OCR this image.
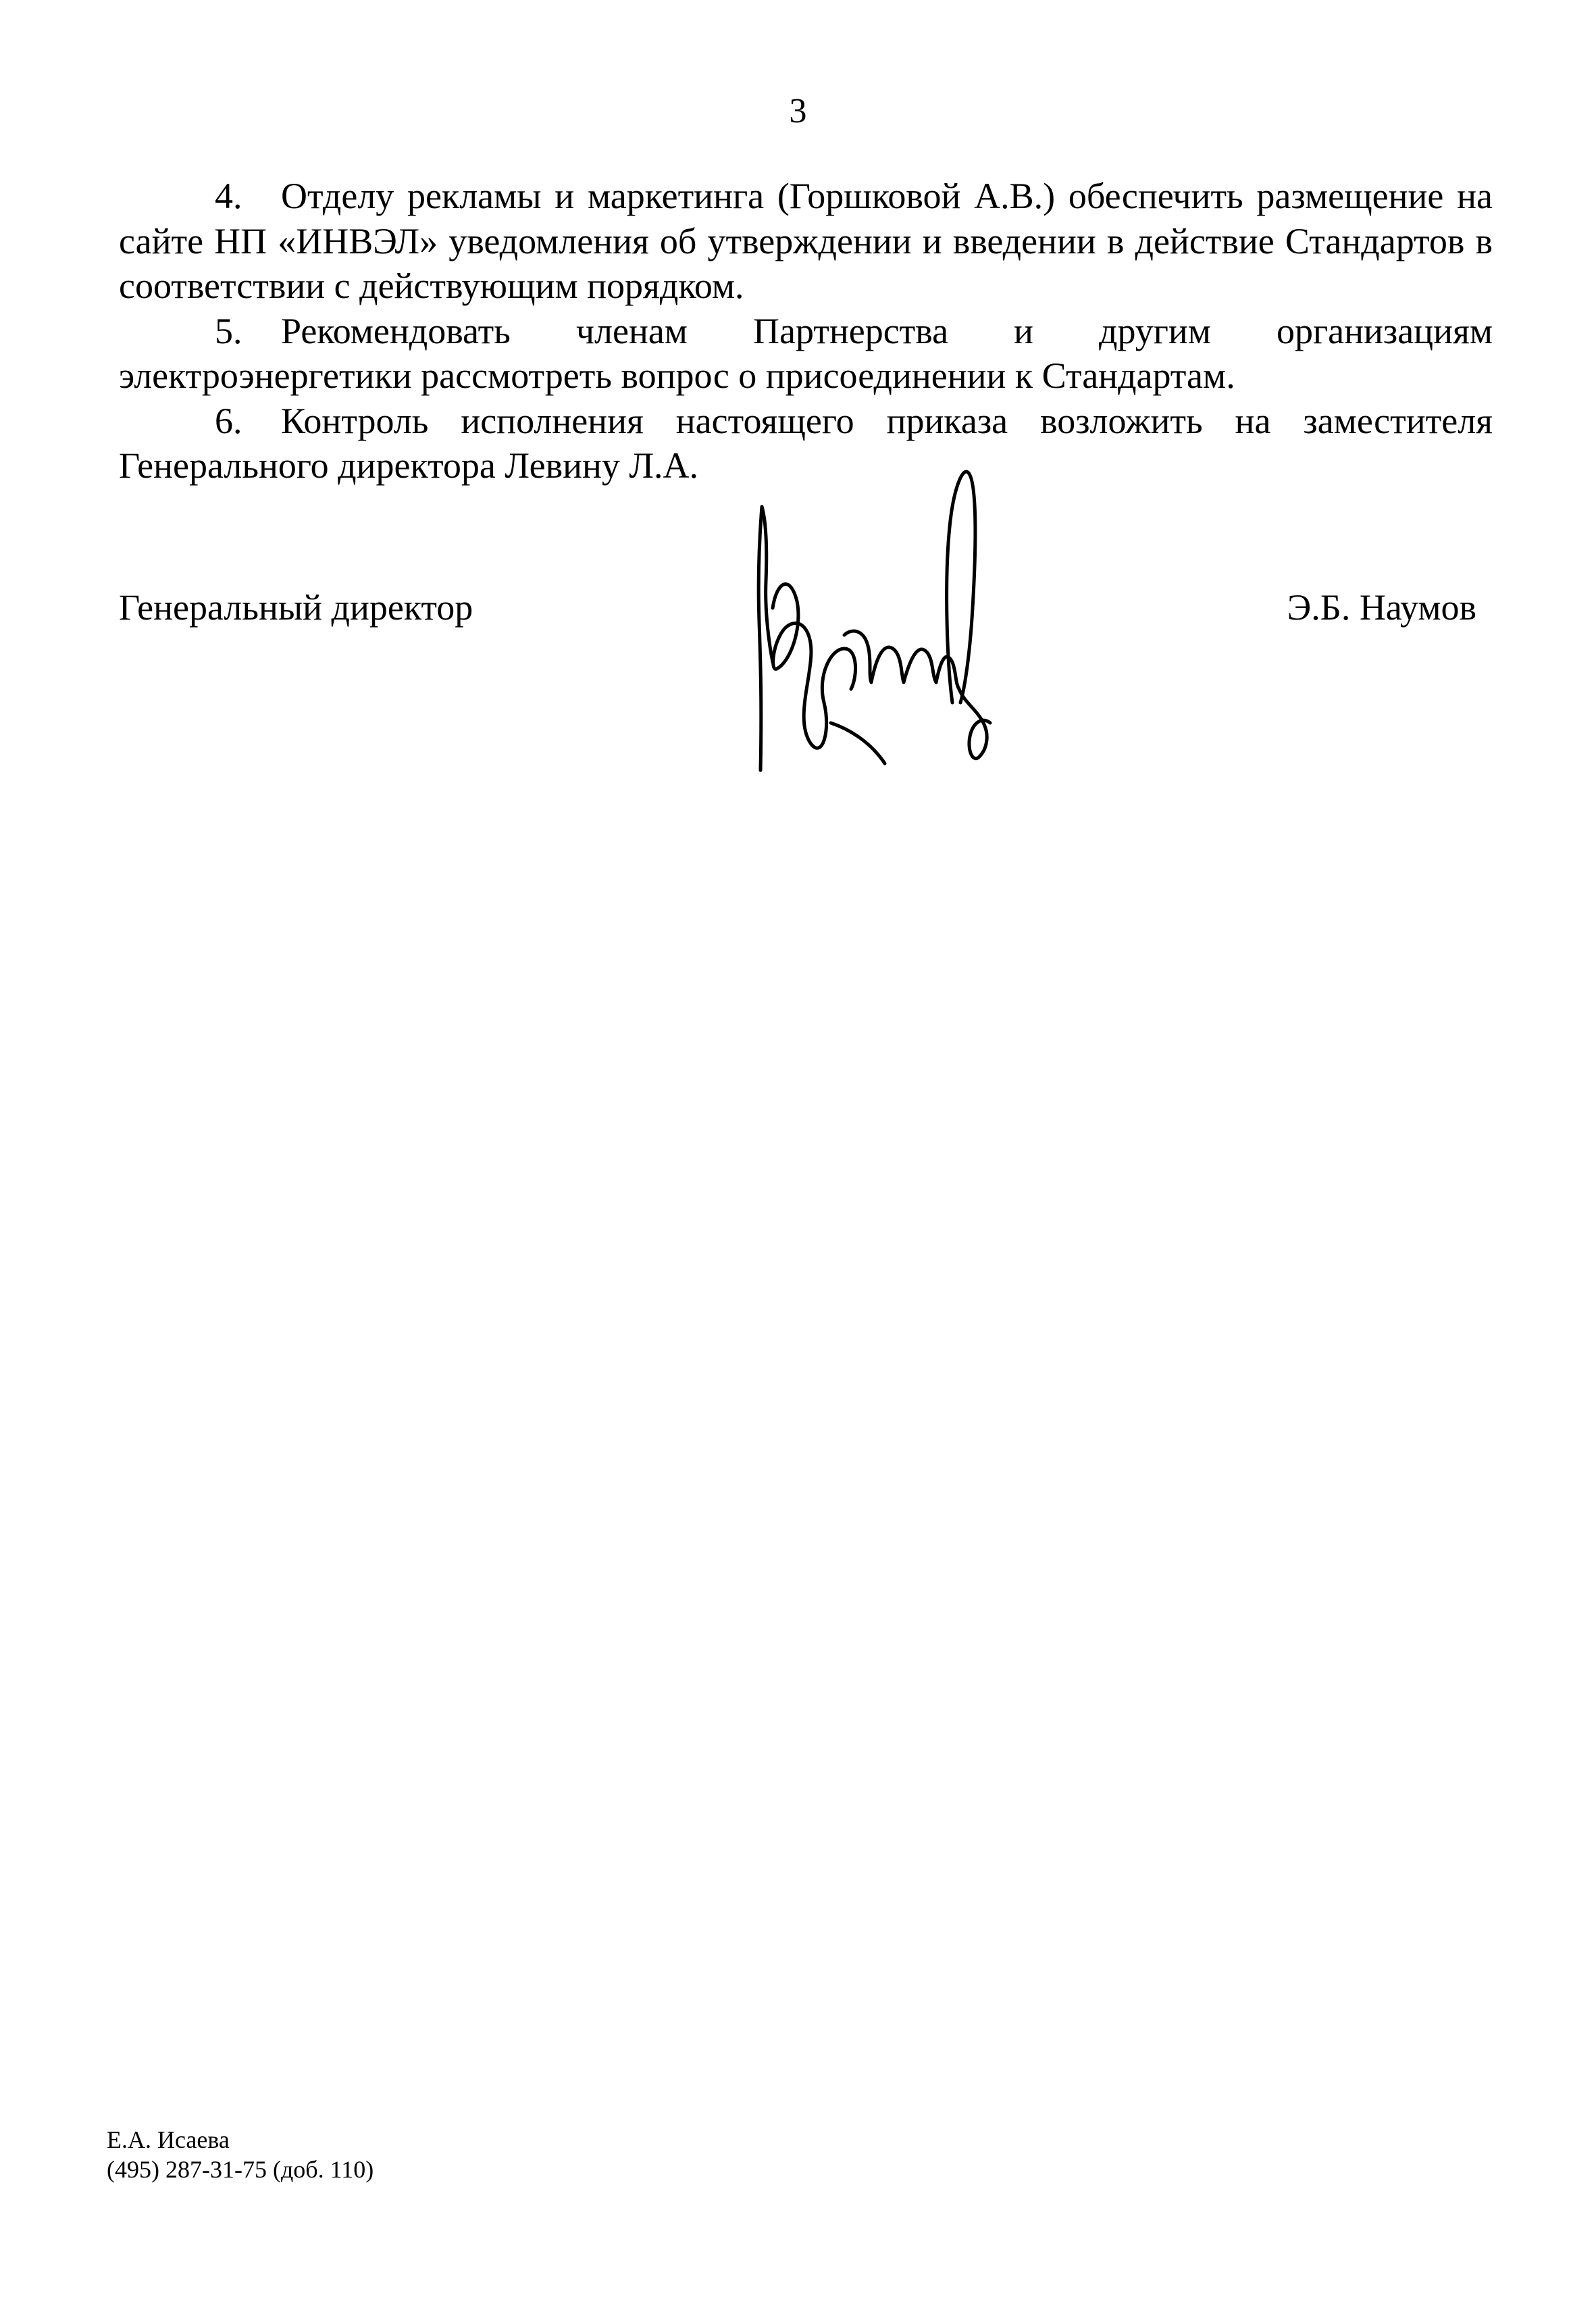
3

4. Отделу рекламы и маркетинга (Горшковой А.В.) обеспечить размещение на сайте НП «ИНВЭЛ» уведомления об утверждении и введении в действие Стандартов в соответствии с действующим порядком.

5. Рекомендовать членам Партнерства и другим организациям электроэнергетики рассмотреть вопрос о присоединении к Стандартам.

6. Контроль исполнения настоящего приказа возложить на заместителя Генерального директора Левину Л.А.

Генеральный директор	Э.Б. Наумов
Е.А. Исаева
(495) 287-31-75 (доб. 110)
